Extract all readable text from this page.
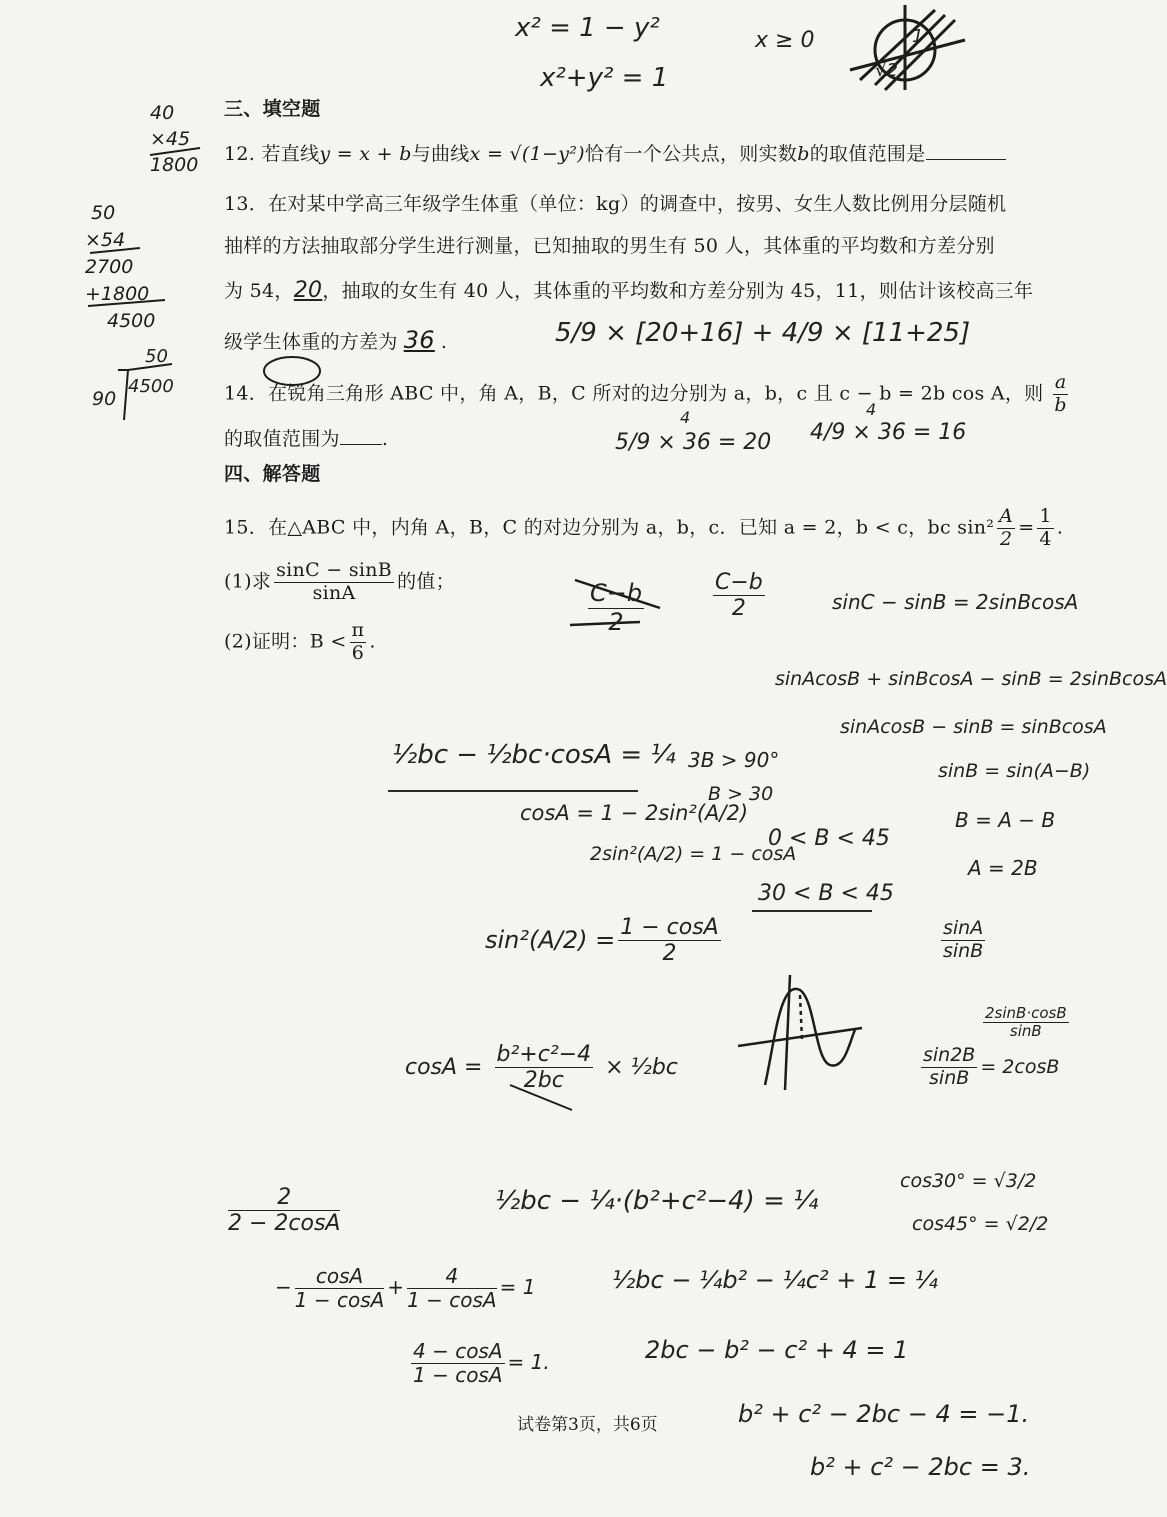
x² = 1 − y²
x²+y² = 1
x ≥ 0
√2
1
40
×45
1800
50
×54
2700
+1800
4500
50
90
4500
三、填空题
12. 若直线y = x + b与曲线x = √(1−y²)恰有一个公共点，则实数b的取值范围是
13．在对某中学高三年级学生体重（单位：kg）的调查中，按男、女生人数比例用分层随机
抽样的方法抽取部分学生进行测量，已知抽取的男生有 50 人，其体重的平均数和方差分别
为 54，20，抽取的女生有 40 人，其体重的平均数和方差分别为 45，11，则估计该校高三年
级学生体重的方差为 36 .	5/9 × [20+16] + 4/9 × [11+25]
5/9 × 36 = 20
4
4/9 × 36 = 16
4
14．在锐角三角形 ABC 中，角 A，B，C 所对的边分别为 a，b，c 且 c − b = 2b cos A，则 $\frac{a}{b}$
的取值范围为 .
四、解答题
15．在△ABC 中，内角 A，B，C 的对边分别为 a，b，c．已知 a = 2，b < c，bc $\sin^2 \frac{A}{2} = \frac{1}{4}$ .
(1)求 $\frac{\sin C - \sin B}{\sin A}$ 的值；
(2)证明：$B < \frac{\pi}{6}$ .
$\frac{C-b}{2}$	$\frac{C-b}{2}$	sinC − sinB = 2sinBcosA
sinAcosB + sinBcosA − sinB = 2sinBcosA
sinAcosB − sinB = sinBcosA
sinB = sin(A−B)
B = A − B
A = 2B
$\frac{\sin A}{\sin B}$
$\frac{2\sin B\cdot\cos B}{\sin B}$
$\frac{\sin 2B}{\sin B} = 2\cos B$
½bc − ½bc·cosA = ¼
cosA = 1 − 2sin²(A/2)
2sin²(A/2) = 1 − cosA
3B > 90°
B > 30
0 < B < 45
30 < B < 45
$\sin^2(A/2) = \frac{1 - \cos A}{2}$
$\cos A = \frac{\text{b²+c²−4}}{2bc}$ × ½bc
$\frac{2}{2 - 2\cos A}$
− $\frac{\cos A}{1 - \cos A} + \frac{4}{1 - \cos A} = 1$
$\frac{4 - \cos A}{1 - \cos A} = 1$.
½bc − ¼·(b²+c²−4) = ¼
½bc − ¼b² − ¼c² + 1 = ¼
2bc − b² − c² + 4 = 1
b² + c² − 2bc − 4 = −1.
b² + c² − 2bc = 3.
cos30° = √3/2
cos45° = √2/2
试卷第3页，共6页
